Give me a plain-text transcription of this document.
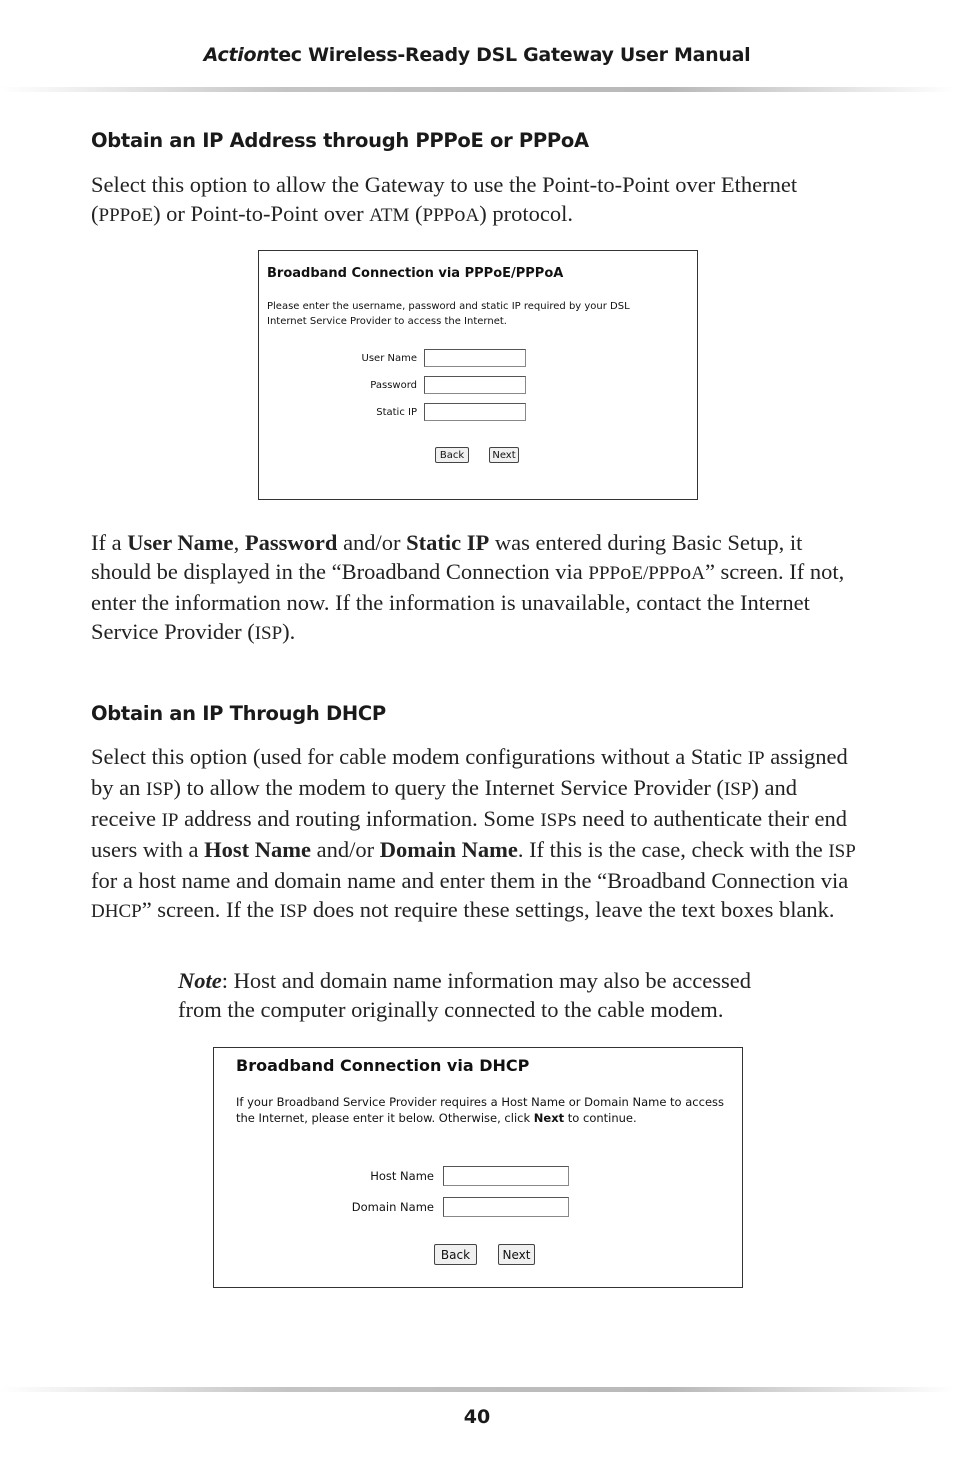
Actiontec Wireless-Ready DSL Gateway User Manual
Obtain an IP Address through PPPoE or PPPoA

Select this option to allow the Gateway to use the Point-to-Point over Ethernet (PPPoE) or Point-to-Point over ATM (PPPoA) protocol.

Broadband Connection via PPPoE/PPPoA
Please enter the username, password and static IP required by your DSL Internet Service Provider to access the Internet.
User Name
Password
Static IP
Back	Next

If a User Name, Password and/or Static IP was entered during Basic Setup, it should be displayed in the “Broadband Connection via PPPoE/PPPoA” screen. If not, enter the information now. If the information is unavailable, contact the Internet Service Provider (ISP).

Obtain an IP Through DHCP

Select this option (used for cable modem configurations without a Static IP assigned by an ISP) to allow the modem to query the Internet Service Provider (ISP) and receive IP address and routing information. Some ISPs need to authenticate their end users with a Host Name and/or Domain Name. If this is the case, check with the ISP for a host name and domain name and enter them in the “Broadband Connection via DHCP” screen. If the ISP does not require these settings, leave the text boxes blank.

Note: Host and domain name information may also be accessed from the computer originally connected to the cable modem.

Broadband Connection via DHCP
If your Broadband Service Provider requires a Host Name or Domain Name to access the Internet, please enter it below. Otherwise, click Next to continue.
Host Name
Domain Name
Back	Next
40
